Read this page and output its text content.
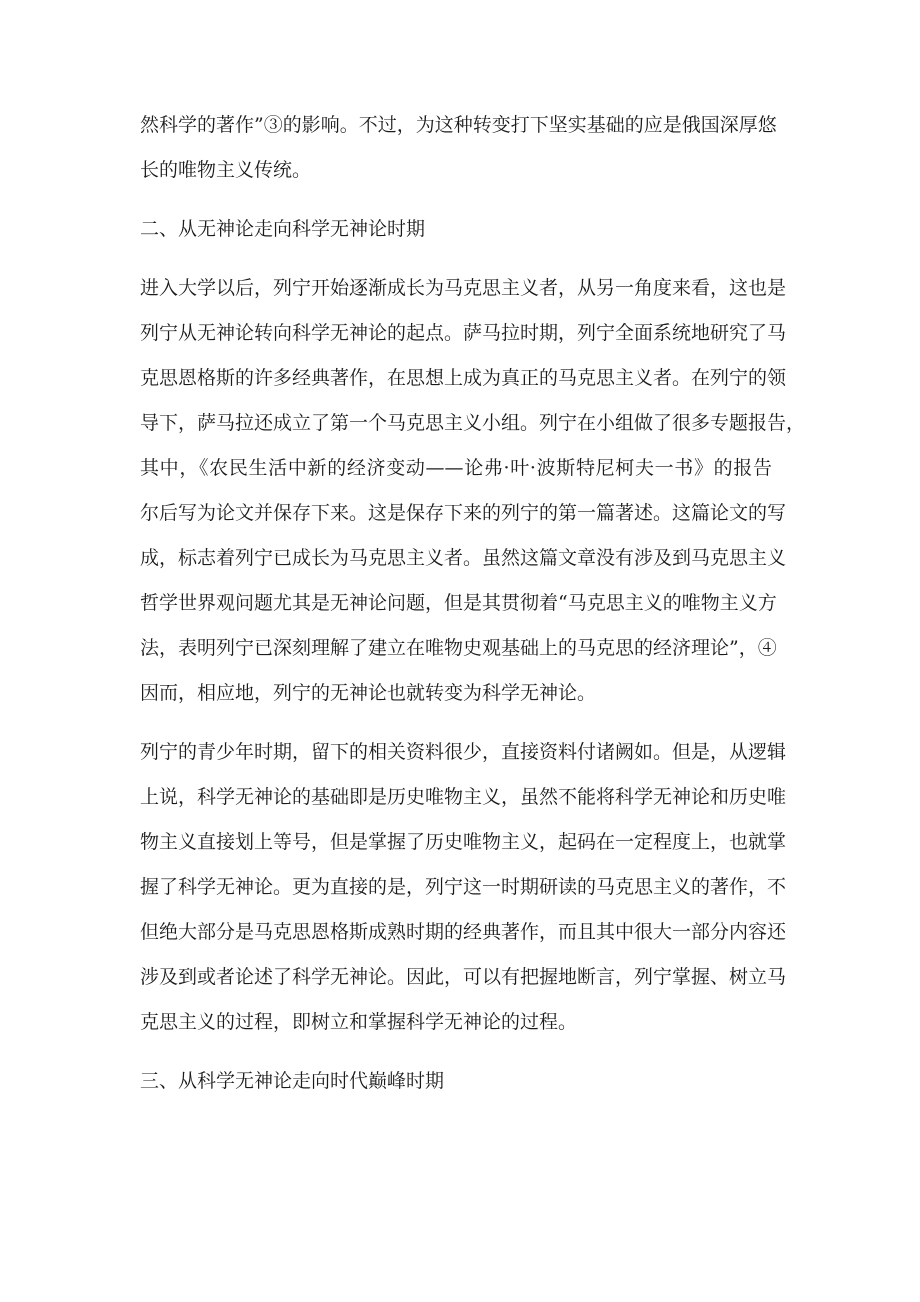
然科学的著作”③的影响。不过，为这种转变打下坚实基础的应是俄国深厚悠
长的唯物主义传统。
二、从无神论走向科学无神论时期
进入大学以后，列宁开始逐渐成长为马克思主义者，从另一角度来看，这也是
列宁从无神论转向科学无神论的起点。萨马拉时期，列宁全面系统地研究了马
克思恩格斯的许多经典著作，在思想上成为真正的马克思主义者。在列宁的领
导下，萨马拉还成立了第一个马克思主义小组。列宁在小组做了很多专题报告，
其中，《农民生活中新的经济变动——论弗·叶·波斯特尼柯夫一书》的报告
尔后写为论文并保存下来。这是保存下来的列宁的第一篇著述。这篇论文的写
成，标志着列宁已成长为马克思主义者。虽然这篇文章没有涉及到马克思主义
哲学世界观问题尤其是无神论问题，但是其贯彻着“马克思主义的唯物主义方
法，表明列宁已深刻理解了建立在唯物史观基础上的马克思的经济理论”，④
因而，相应地，列宁的无神论也就转变为科学无神论。
列宁的青少年时期，留下的相关资料很少，直接资料付诸阙如。但是，从逻辑
上说，科学无神论的基础即是历史唯物主义，虽然不能将科学无神论和历史唯
物主义直接划上等号，但是掌握了历史唯物主义，起码在一定程度上，也就掌
握了科学无神论。更为直接的是，列宁这一时期研读的马克思主义的著作，不
但绝大部分是马克思恩格斯成熟时期的经典著作，而且其中很大一部分内容还
涉及到或者论述了科学无神论。因此，可以有把握地断言，列宁掌握、树立马
克思主义的过程，即树立和掌握科学无神论的过程。
三、从科学无神论走向时代巅峰时期
